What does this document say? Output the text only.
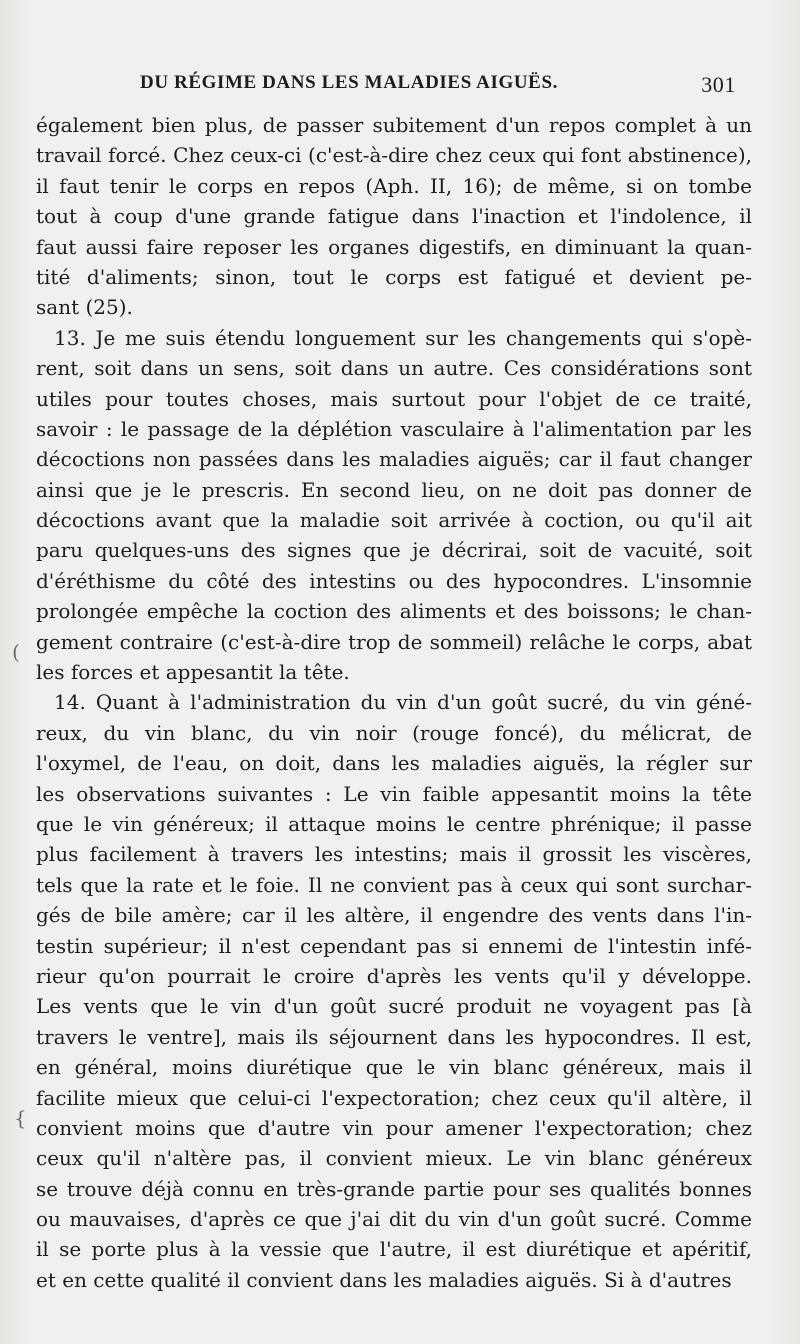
DU RÉGIME DANS LES MALADIES AIGUËS.	301
(
{
également bien plus, de passer subitement d'un repos complet à un
travail forcé. Chez ceux-ci (c'est-à-dire chez ceux qui font abstinence),
il faut tenir le corps en repos (Aph. II, 16); de même, si on tombe
tout à coup d'une grande fatigue dans l'inaction et l'indolence, il
faut aussi faire reposer les organes digestifs, en diminuant la quan-
tité d'aliments; sinon, tout le corps est fatigué et devient pe-
sant (25).
13. Je me suis étendu longuement sur les changements qui s'opè-
rent, soit dans un sens, soit dans un autre. Ces considérations sont
utiles pour toutes choses, mais surtout pour l'objet de ce traité,
savoir : le passage de la déplétion vasculaire à l'alimentation par les
décoctions non passées dans les maladies aiguës; car il faut changer
ainsi que je le prescris. En second lieu, on ne doit pas donner de
décoctions avant que la maladie soit arrivée à coction, ou qu'il ait
paru quelques-uns des signes que je décrirai, soit de vacuité, soit
d'éréthisme du côté des intestins ou des hypocondres. L'insomnie
prolongée empêche la coction des aliments et des boissons; le chan-
gement contraire (c'est-à-dire trop de sommeil) relâche le corps, abat
les forces et appesantit la tête.
14. Quant à l'administration du vin d'un goût sucré, du vin géné-
reux, du vin blanc, du vin noir (rouge foncé), du mélicrat, de
l'oxymel, de l'eau, on doit, dans les maladies aiguës, la régler sur
les observations suivantes : Le vin faible appesantit moins la tête
que le vin généreux; il attaque moins le centre phrénique; il passe
plus facilement à travers les intestins; mais il grossit les viscères,
tels que la rate et le foie. Il ne convient pas à ceux qui sont surchar-
gés de bile amère; car il les altère, il engendre des vents dans l'in-
testin supérieur; il n'est cependant pas si ennemi de l'intestin infé-
rieur qu'on pourrait le croire d'après les vents qu'il y développe.
Les vents que le vin d'un goût sucré produit ne voyagent pas [à
travers le ventre], mais ils séjournent dans les hypocondres. Il est,
en général, moins diurétique que le vin blanc généreux, mais il
facilite mieux que celui-ci l'expectoration; chez ceux qu'il altère, il
convient moins que d'autre vin pour amener l'expectoration; chez
ceux qu'il n'altère pas, il convient mieux. Le vin blanc généreux
se trouve déjà connu en très-grande partie pour ses qualités bonnes
ou mauvaises, d'après ce que j'ai dit du vin d'un goût sucré. Comme
il se porte plus à la vessie que l'autre, il est diurétique et apéritif,
et en cette qualité il convient dans les maladies aiguës. Si à d'autres
